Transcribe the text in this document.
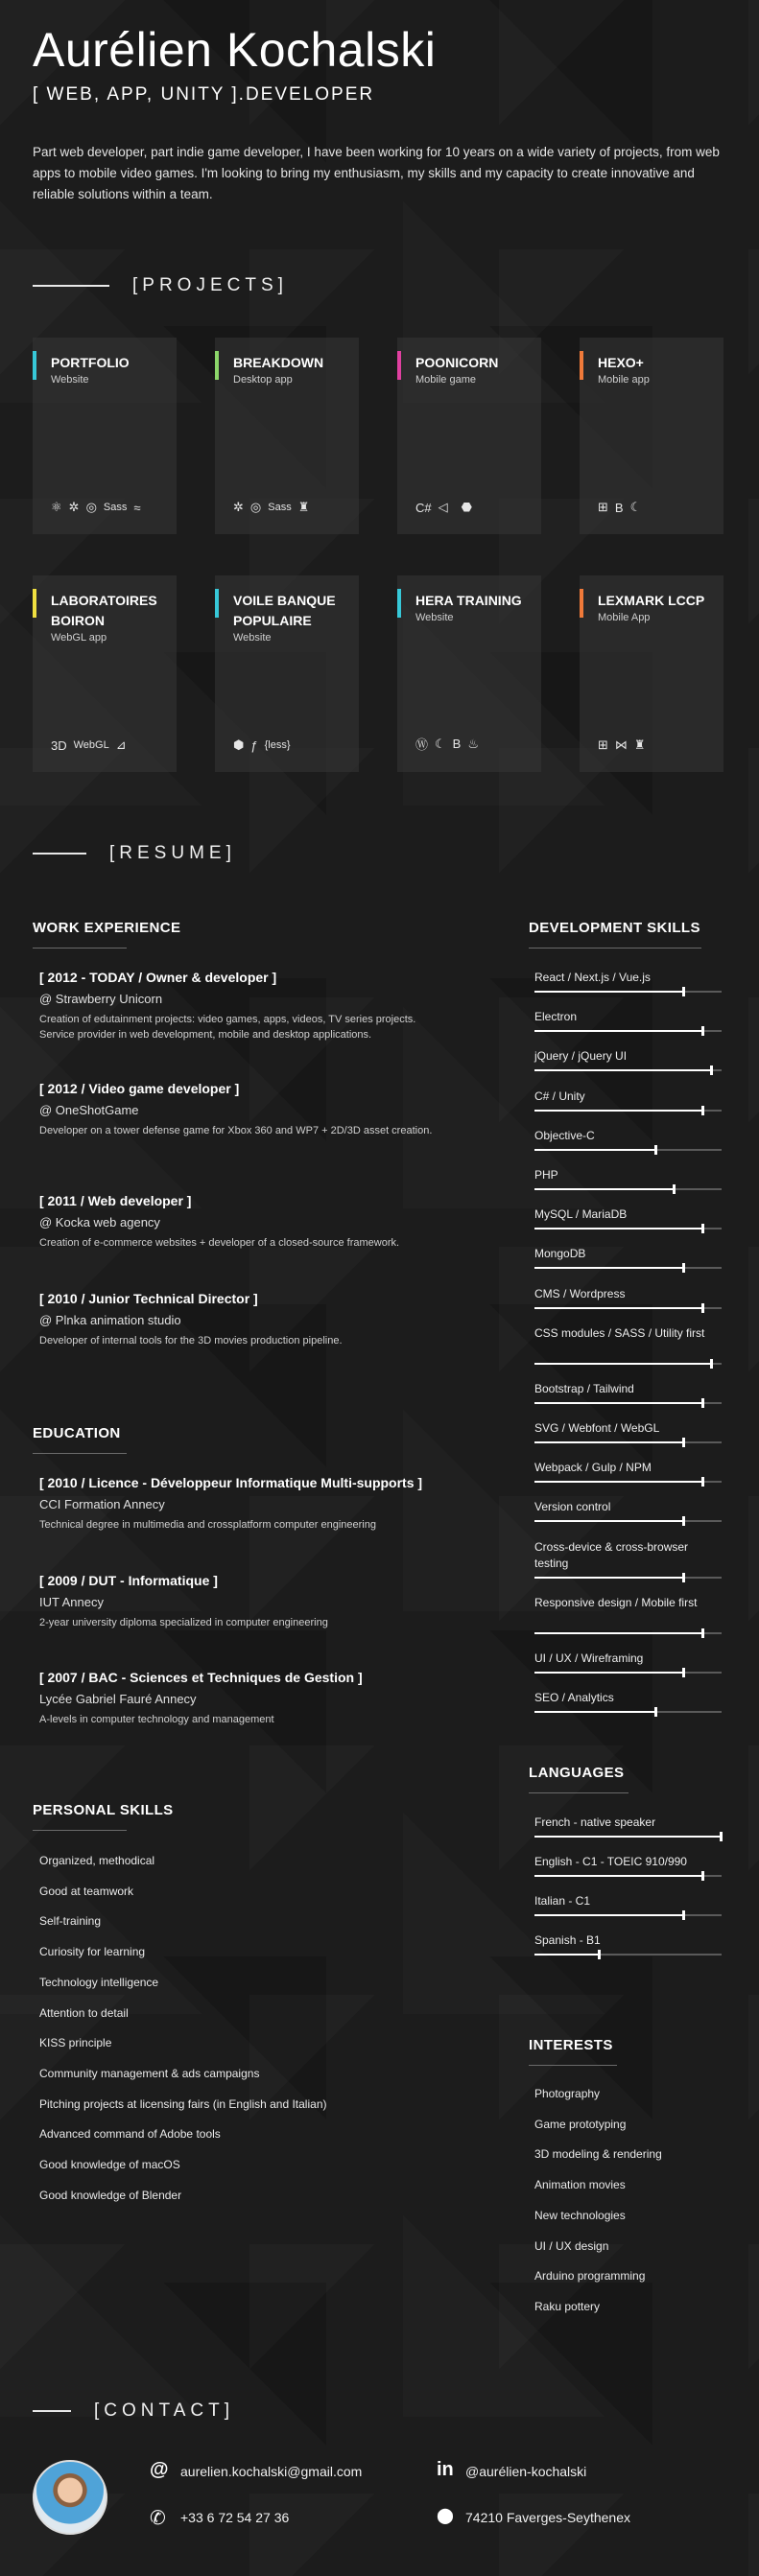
Aurélien Kochalski
[ WEB, APP, UNITY ].DEVELOPER

Part web developer, part indie game developer, I have been working for 10 years on a wide variety of projects, from web apps to mobile video games. I'm looking to bring my enthusiasm, my skills and my capacity to create innovative and reliable solutions within a team.

[PROJECTS]
PORTFOLIO
Website
⚛ ✲ ◎ Sass ≈
BREAKDOWN
Desktop app
✲ ◎ Sass ♜
POONICORN
Mobile game
C# ◁ ⬣
HEXO+
Mobile app
⊞ B ☾
LABORATOIRES BOIRON
WebGL app
3D WebGL ⊿
VOILE BANQUE POPULAIRE
Website
⬢ ƒ {less}
HERA TRAINING
Website
Ⓦ ☾ B ♨
LEXMARK LCCP
Mobile App
⊞ ⋈ ♜
[RESUME]
WORK EXPERIENCE
[ 2012 - TODAY / Owner & developer ]
@ Strawberry Unicorn
Creation of edutainment projects: video games, apps, videos, TV series projects. Service provider in web development, mobile and desktop applications.
[ 2012 / Video game developer ]
@ OneShotGame
Developer on a tower defense game for Xbox 360 and WP7 + 2D/3D asset creation.
[ 2011 / Web developer ]
@ Kocka web agency
Creation of e-commerce websites + developer of a closed-source framework.
[ 2010 / Junior Technical Director ]
@ Plnka animation studio
Developer of internal tools for the 3D movies production pipeline.
EDUCATION
[ 2010 / Licence - Développeur Informatique Multi-supports ]
CCI Formation Annecy
Technical degree in multimedia and crossplatform computer engineering
[ 2009 / DUT - Informatique ]
IUT Annecy
2-year university diploma specialized in computer engineering
[ 2007 / BAC - Sciences et Techniques de Gestion ]
Lycée Gabriel Fauré Annecy
A-levels in computer technology and management
PERSONAL SKILLS
Organized, methodical
Good at teamwork
Self-training
Curiosity for learning
Technology intelligence
Attention to detail
KISS principle
Community management & ads campaigns
Pitching projects at licensing fairs (in English and Italian)
Advanced command of Adobe tools
Good knowledge of macOS
Good knowledge of Blender
DEVELOPMENT SKILLS
React / Next.js / Vue.js
Electron
jQuery / jQuery UI
C# / Unity
Objective-C
PHP
MySQL / MariaDB
MongoDB
CMS / Wordpress
CSS modules / SASS / Utility first
Bootstrap / Tailwind
SVG / Webfont / WebGL
Webpack / Gulp / NPM
Version control
Cross-device & cross-browser testing
Responsive design / Mobile first
UI / UX / Wireframing
SEO / Analytics
LANGUAGES
French - native speaker
English - C1 - TOEIC 910/990
Italian - C1
Spanish - B1
INTERESTS
Photography
Game prototyping
3D modeling & rendering
Animation movies
New technologies
UI / UX design
Arduino programming
Raku pottery
[CONTACT]
@ aurelien.kochalski@gmail.com	in @aurélien-kochalski
✆ +33 6 72 54 27 36	⬤ 74210 Faverges-Seythenex
